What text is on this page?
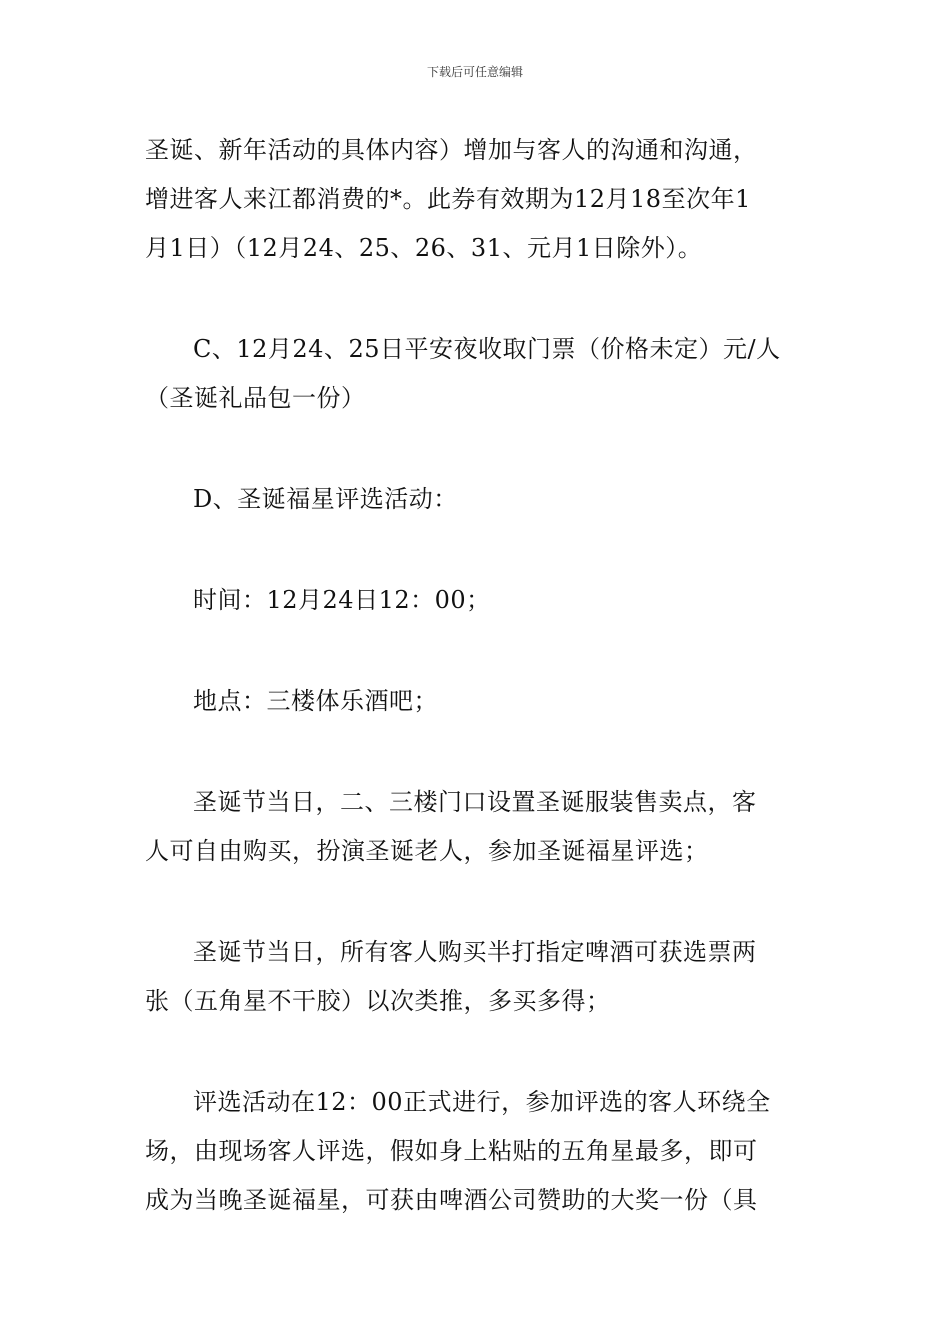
下载后可任意编辑
圣诞、新年活动的具体内容）增加与客人的沟通和沟通，
增进客人来江都消费的*。此券有效期为12月18至次年1
月1日）（12月24、25、26、31、元月1日除外）。
C、12月24、25日平安夜收取门票（价格未定）元/人
（圣诞礼品包一份）
D、圣诞福星评选活动：
时间：12月24日12：00；
地点：三楼体乐酒吧；
圣诞节当日，二、三楼门口设置圣诞服装售卖点，客
人可自由购买，扮演圣诞老人，参加圣诞福星评选；
圣诞节当日，所有客人购买半打指定啤酒可获选票两
张（五角星不干胶）以次类推，多买多得；
评选活动在12：00正式进行，参加评选的客人环绕全
场，由现场客人评选，假如身上粘贴的五角星最多，即可
成为当晚圣诞福星，可获由啤酒公司赞助的大奖一份（具
